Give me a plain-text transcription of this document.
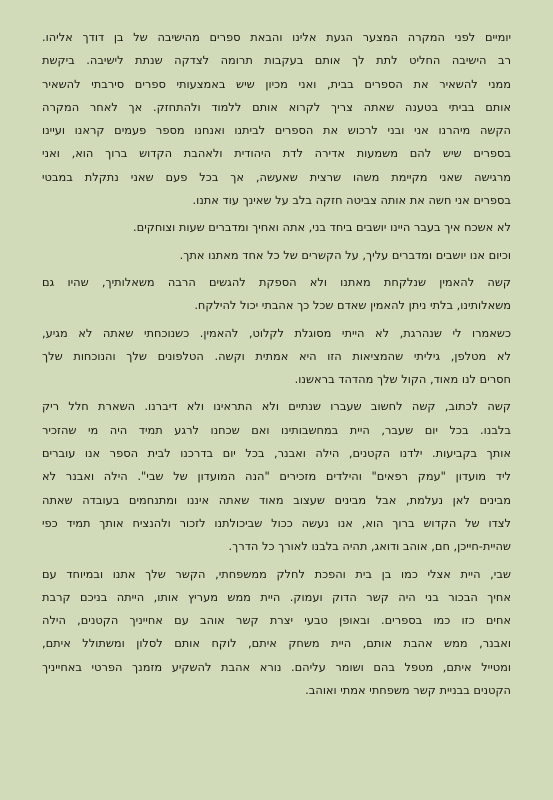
יומיים לפני המקרה המצער הגעת אלינו והבאת ספרים מהישיבה של בן דודך אליהו.
רב הישיבה החליט לתת לך אותם בעקבות תרומה לצדקה שנתת לישיבה. ביקשת
ממני להשאיר את הספרים בבית, ואני מכיון שיש באמצעותי ספרים סירבתי להשאיר
אותם בביתי בטענה שאתה צריך לקרוא אותם ללמוד ולהתחזק. אך לאחר המקרה
הקשה מיהרנו אני ובני לרכוש את הספרים לביתנו ואנחנו מספר פעמים קראנו ועיינו
בספרים שיש להם משמעות אדירה לדת היהודית ולאהבת הקדוש ברוך הוא, ואני
מרגישה שאני מקיימת משהו שרצית שאעשה, אך בכל פעם שאני נתקלת במבטי
בספרים אני חשה את אותה צביטה חזקה בלב על שאינך עוד אתנו.

לא אשכח איך בעבר היינו יושבים ביחד בני, אתה ואחיך ומדברים שעות וצוחקים.

וכיום אנו יושבים ומדברים עליך, על הקשרים של כל אחד מאתנו אתך.

קשה להאמין שנלקחת מאתנו ולא הספקת להגשים הרבה משאלותיך, שהיו גם
משאלותינו, בלתי ניתן להאמין שאדם שכל כך אהבתי יכול להילקח.

כשאמרו לי שנהרגת, לא הייתי מסוגלת לקלוט, להאמין. כשנוכחתי שאתה לא מגיע,
לא מטלפן, גיליתי שהמציאות הזו היא אמתית וקשה. הטלפונים שלך והנוכחות שלך
חסרים לנו מאוד, הקול שלך מהדהד בראשנו.

קשה לכתוב, קשה לחשוב שעברו שנתיים ולא התראינו ולא דיברנו. השארת חלל ריק
בלבנו. בכל יום שעבר, היית במחשבותינו ואם שכחנו לרגע תמיד היה מי שהזכיר
אותך בקביעות. ילדנו הקטנים, הילה ואבנר, בכל יום בדרכנו לבית הספר אנו עוברים
ליד מועדון "עמק רפאים" והילדים מזכירים "הנה המועדון של שבי". הילה ואבנר לא
מבינים לאן נעלמת, אבל מבינים שעצוב מאוד שאתה איננו ומתנחמים בעובדה שאתה
לצדו של הקדוש ברוך הוא, אנו נעשה ככול שביכולתנו לזכור ולהנציח אותך תמיד כפי
שהיית-חייכן, חם, אוהב ודואג, תהיה בלבנו לאורך כל הדרך.

שבי, היית אצלי כמו בן בית והפכת לחלק ממשפחתי, הקשר שלך אתנו ובמיוחד עם
אחיך הבכור בני היה קשר הדוק ועמוק. היית ממש מעריץ אותו, הייתה בניכם קרבת
אחים כזו כמו בספרים. ובאופן טבעי יצרת קשר אוהב עם אחייניך הקטנים, הילה
ואבנר, ממש אהבת אותם, היית משחק איתם, לוקח אותם לסלון ומשתולל איתם,
ומטייל איתם, מטפל בהם ושומר עליהם. נורא אהבת להשקיע מזמנך הפרטי באחייניך
הקטנים בבניית קשר משפחתי אמתי ואוהב.
